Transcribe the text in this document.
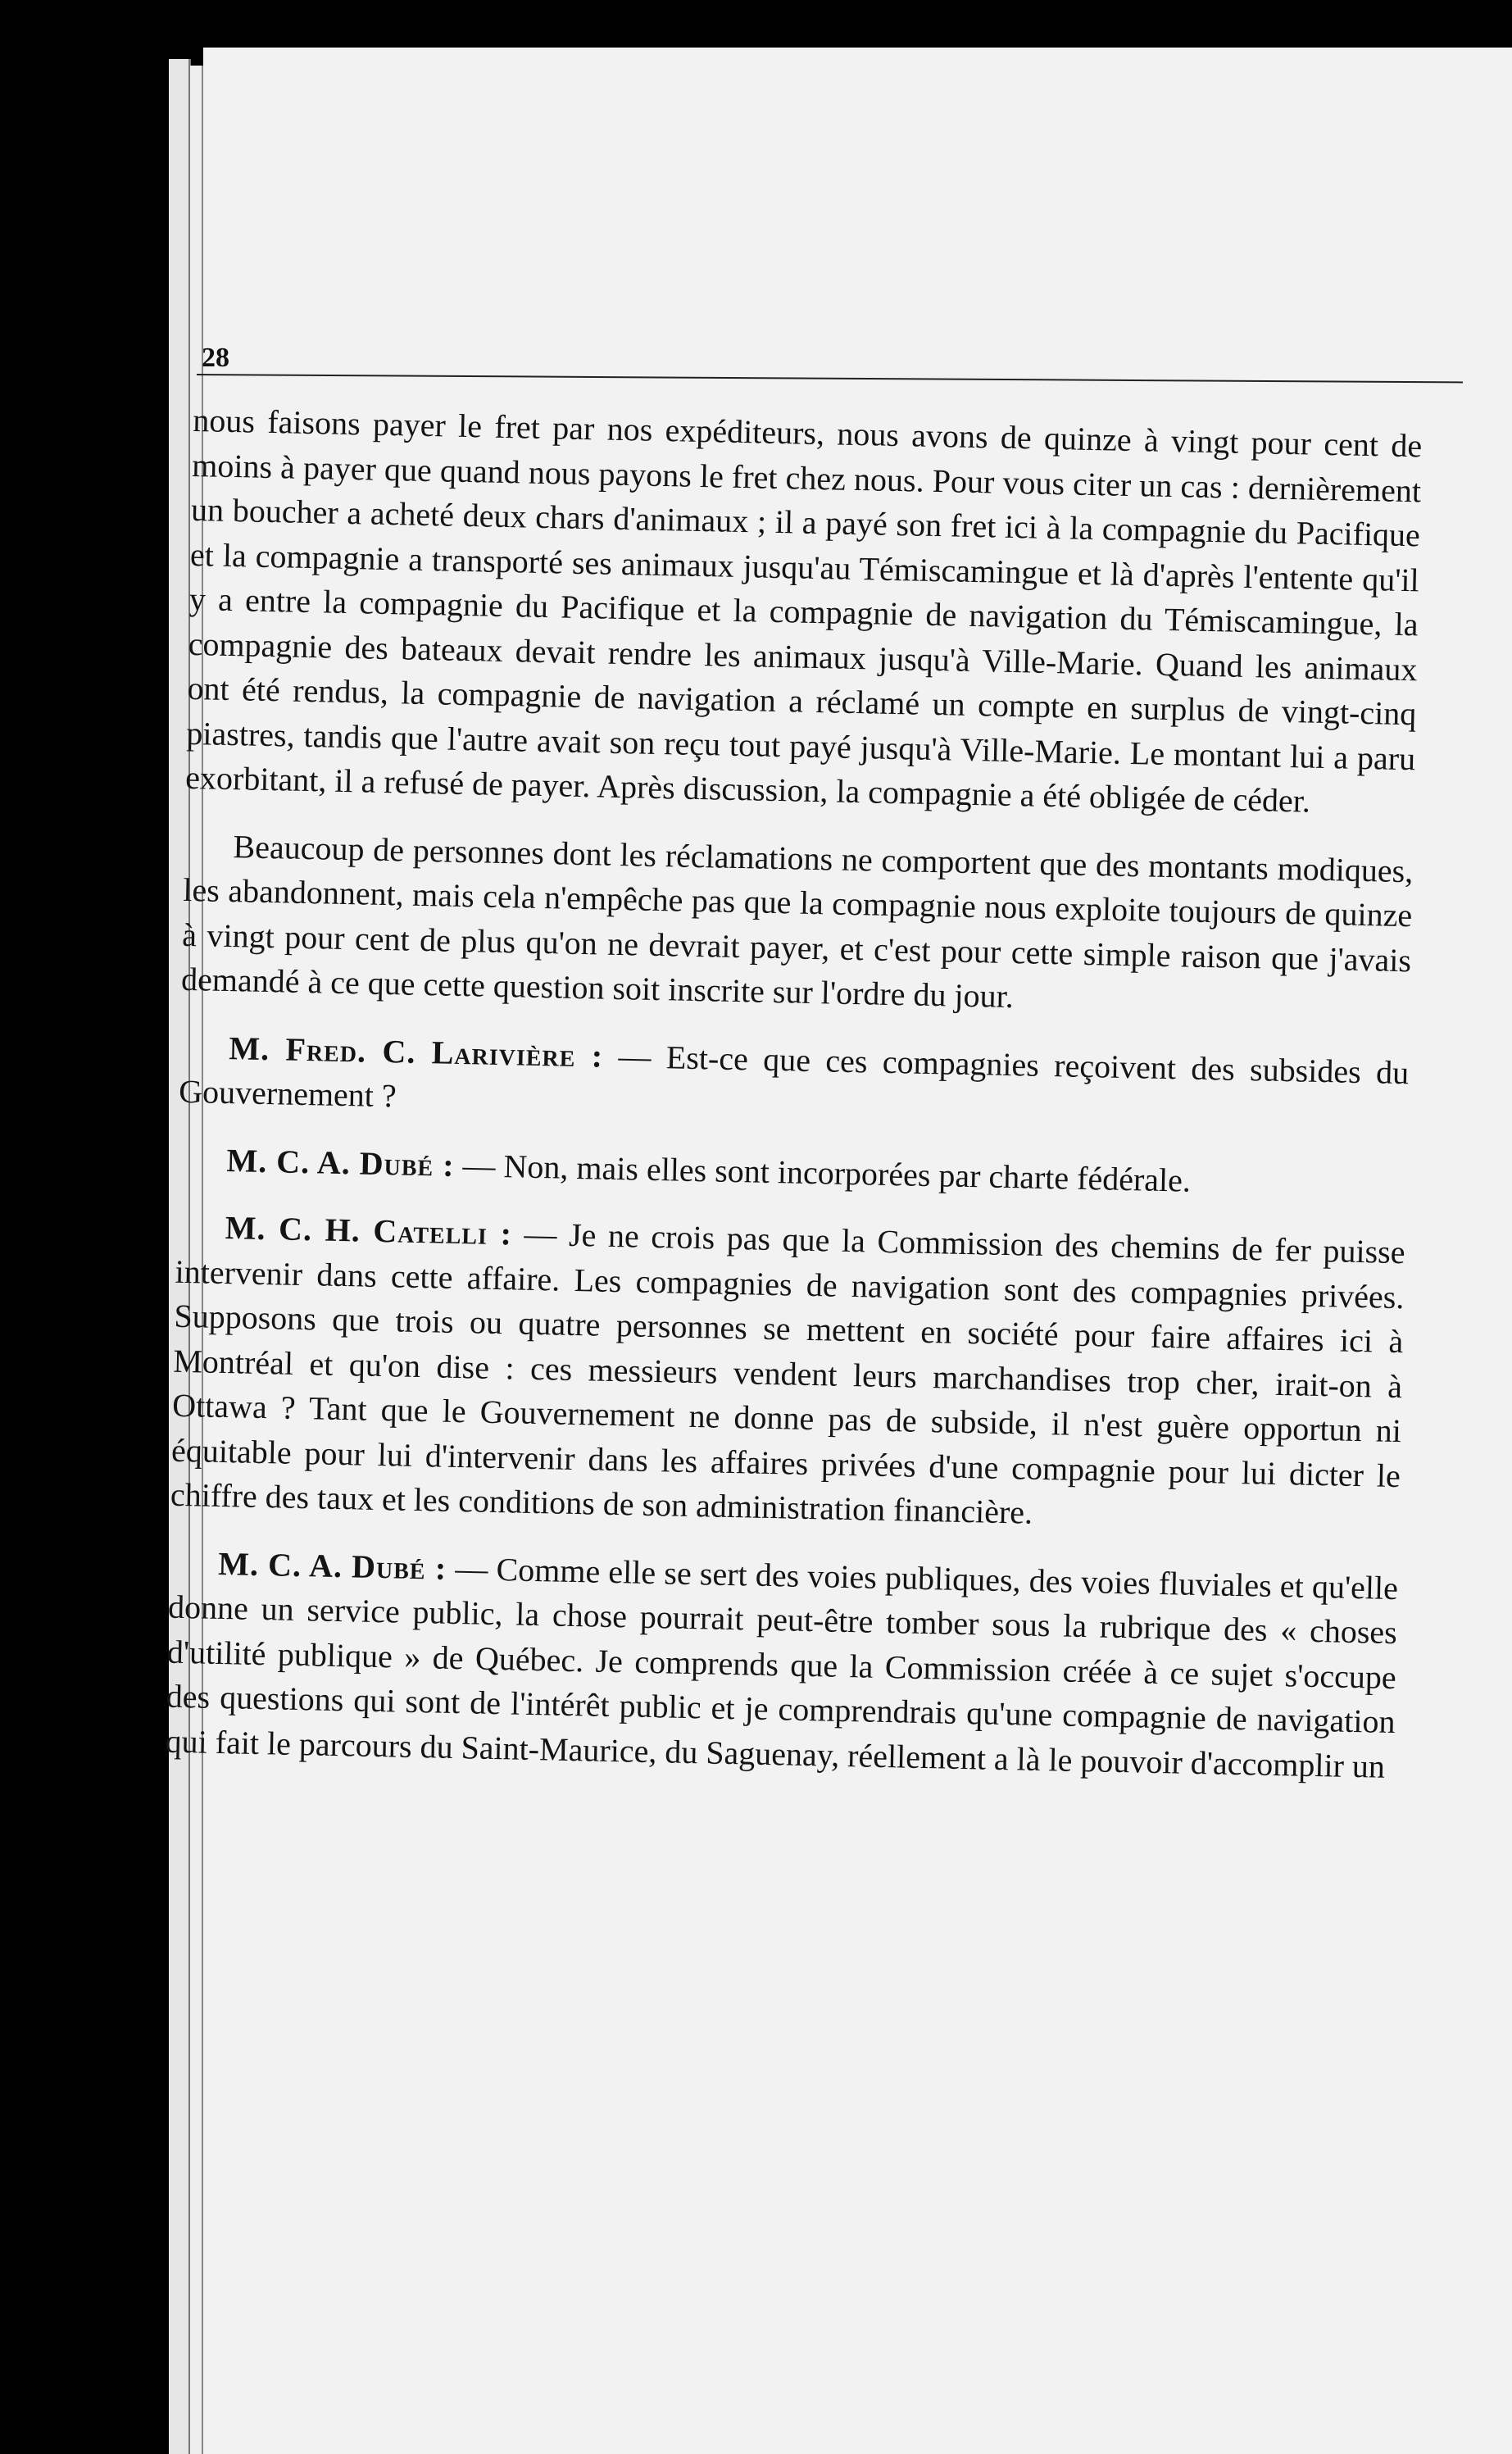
28

nous faisons payer le fret par nos expéditeurs, nous avons de quinze à vingt pour cent de moins à payer que quand nous payons le fret chez nous. Pour vous citer un cas : dernièrement un boucher a acheté deux chars d'animaux ; il a payé son fret ici à la compagnie du Pacifique et la compagnie a transporté ses animaux jusqu'au Témiscamingue et là d'après l'entente qu'il y a entre la compagnie du Pacifique et la compagnie de navigation du Témiscamingue, la compagnie des bateaux devait rendre les animaux jusqu'à Ville-Marie. Quand les animaux ont été rendus, la compagnie de navigation a réclamé un compte en surplus de vingt-cinq piastres, tandis que l'autre avait son reçu tout payé jusqu'à Ville-Marie. Le montant lui a paru exorbitant, il a refusé de payer. Après discussion, la compagnie a été obligée de céder.

Beaucoup de personnes dont les réclamations ne comportent que des montants modiques, les abandonnent, mais cela n'empêche pas que la compagnie nous exploite toujours de quinze à vingt pour cent de plus qu'on ne devrait payer, et c'est pour cette simple raison que j'avais demandé à ce que cette question soit inscrite sur l'ordre du jour.

M. Fred. C. Larivière : — Est-ce que ces compagnies reçoivent des subsides du Gouvernement ?

M. C. A. Dubé : — Non, mais elles sont incorporées par charte fédérale.

M. C. H. Catelli : — Je ne crois pas que la Commission des chemins de fer puisse intervenir dans cette affaire. Les compagnies de navigation sont des compagnies privées. Supposons que trois ou quatre personnes se mettent en société pour faire affaires ici à Montréal et qu'on dise : ces messieurs vendent leurs marchandises trop cher, irait-on à Ottawa ? Tant que le Gouvernement ne donne pas de subside, il n'est guère opportun ni équitable pour lui d'intervenir dans les affaires privées d'une compagnie pour lui dicter le chiffre des taux et les conditions de son administration financière.

M. C. A. Dubé : — Comme elle se sert des voies publiques, des voies fluviales et qu'elle donne un service public, la chose pourrait peut-être tomber sous la rubrique des « choses d'utilité publique » de Québec. Je comprends que la Commission créée à ce sujet s'occupe des questions qui sont de l'intérêt public et je comprendrais qu'une compagnie de navigation qui fait le parcours du Saint-Maurice, du Saguenay, réellement a là le pouvoir d'accomplir un
